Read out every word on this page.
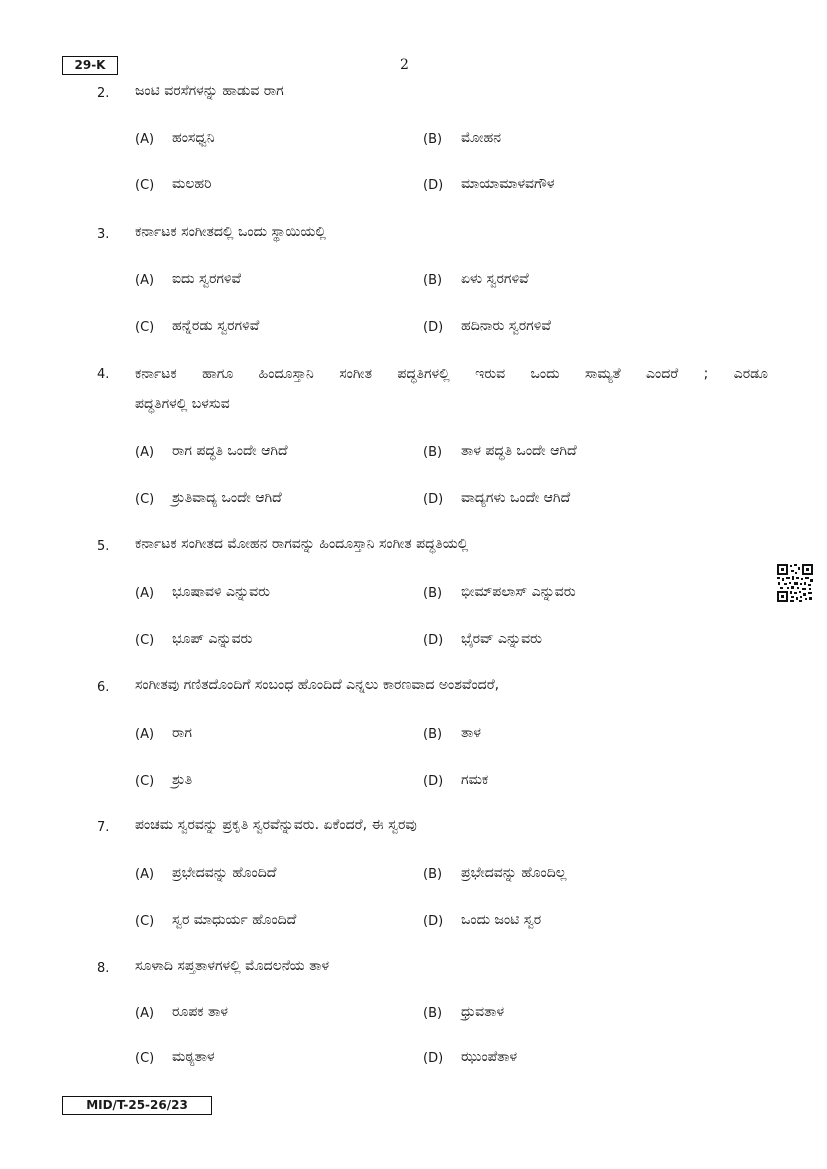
29-K	2
2. ಜಂಟಿ ವರಸೆಗಳನ್ನು ಹಾಡುವ ರಾಗ
(A) ಹಂಸಧ್ವನಿ	(B) ಮೋಹನ
(C) ಮಲಹರಿ	(D) ಮಾಯಾಮಾಳವಗೌಳ
3. ಕರ್ನಾಟಕ ಸಂಗೀತದಲ್ಲಿ ಒಂದು ಸ್ಥಾಯಿಯಲ್ಲಿ
(A) ಐದು ಸ್ವರಗಳಿವೆ	(B) ಏಳು ಸ್ವರಗಳಿವೆ
(C) ಹನ್ನೆರಡು ಸ್ವರಗಳಿವೆ	(D) ಹದಿನಾರು ಸ್ವರಗಳಿವೆ
4. ಕರ್ನಾಟಕ ಹಾಗೂ ಹಿಂದೂಸ್ತಾನಿ ಸಂಗೀತ ಪದ್ಧತಿಗಳಲ್ಲಿ ಇರುವ ಒಂದು ಸಾಮ್ಯತೆ ಎಂದರೆ ; ಎರಡೂ
ಪದ್ಧತಿಗಳಲ್ಲಿ ಬಳಸುವ
(A) ರಾಗ ಪದ್ಧತಿ ಒಂದೇ ಆಗಿದೆ	(B) ತಾಳ ಪದ್ಧತಿ ಒಂದೇ ಆಗಿದೆ
(C) ಶ್ರುತಿವಾದ್ಯ ಒಂದೇ ಆಗಿದೆ	(D) ವಾದ್ಯಗಳು ಒಂದೇ ಆಗಿದೆ
5. ಕರ್ನಾಟಕ ಸಂಗೀತದ ಮೋಹನ ರಾಗವನ್ನು ಹಿಂದೂಸ್ತಾನಿ ಸಂಗೀತ ಪದ್ಧತಿಯಲ್ಲಿ
(A) ಭೂಷಾವಳಿ ಎನ್ನುವರು	(B) ಭೀಮ್‌ಪಲಾಸ್ ಎನ್ನುವರು
(C) ಭೂಪ್ ಎನ್ನುವರು	(D) ಭೈರವ್ ಎನ್ನುವರು
6. ಸಂಗೀತವು ಗಣಿತದೊಂದಿಗೆ ಸಂಬಂಧ ಹೊಂದಿದೆ ಎನ್ನಲು ಕಾರಣವಾದ ಅಂಶವೆಂದರೆ,
(A) ರಾಗ	(B) ತಾಳ
(C) ಶ್ರುತಿ	(D) ಗಮಕ
7. ಪಂಚಮ ಸ್ವರವನ್ನು ಪ್ರಕೃತಿ ಸ್ವರವೆನ್ನುವರು. ಏಕೆಂದರೆ, ಈ ಸ್ವರವು
(A) ಪ್ರಭೇದವನ್ನು ಹೊಂದಿದೆ	(B) ಪ್ರಭೇದವನ್ನು ಹೊಂದಿಲ್ಲ
(C) ಸ್ವರ ಮಾಧುರ್ಯ ಹೊಂದಿದೆ	(D) ಒಂದು ಜಂಟಿ ಸ್ವರ
8. ಸೂಳಾದಿ ಸಪ್ತತಾಳಗಳಲ್ಲಿ ಮೊದಲನೆಯ ತಾಳ
(A) ರೂಪಕ ತಾಳ	(B) ಧ್ರುವತಾಳ
(C) ಮಠ್ಯತಾಳ	(D) ಝುಂಪೆತಾಳ
MID/T-25-26/23
